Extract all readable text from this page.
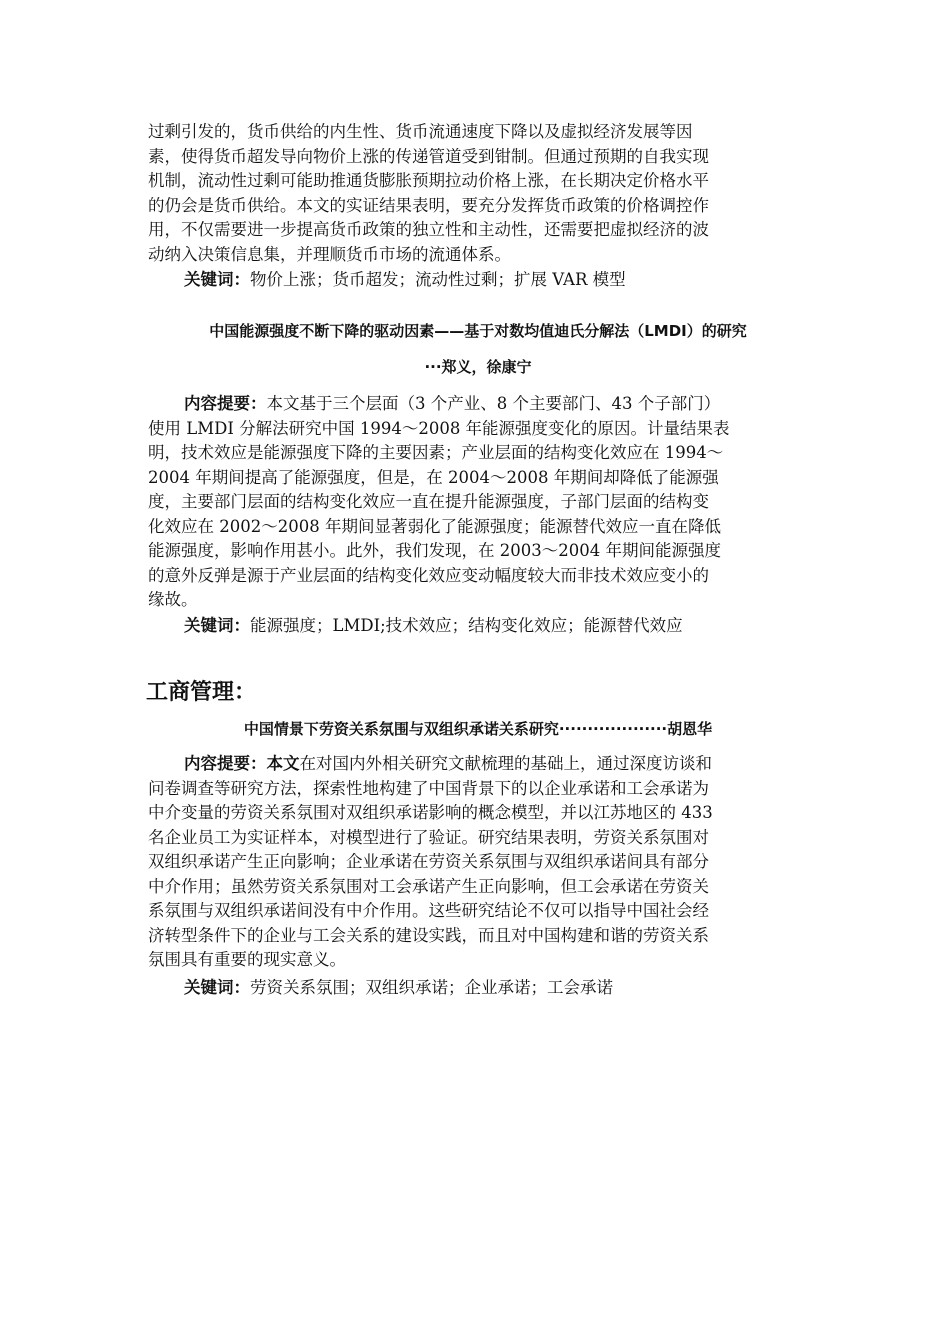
过剩引发的，货币供给的内生性、货币流通速度下降以及虚拟经济发展等因
素，使得货币超发导向物价上涨的传递管道受到钳制。但通过预期的自我实现
机制，流动性过剩可能助推通货膨胀预期拉动价格上涨，在长期决定价格水平
的仍会是货币供给。本文的实证结果表明，要充分发挥货币政策的价格调控作
用，不仅需要进一步提高货币政策的独立性和主动性，还需要把虚拟经济的波
动纳入决策信息集，并理顺货币市场的流通体系。
关键词：物价上涨；货币超发；流动性过剩；扩展 VAR 模型
中国能源强度不断下降的驱动因素——基于对数均值迪氏分解法（LMDI）的研究
···郑义，徐康宁
内容提要：本文基于三个层面（3 个产业、8 个主要部门、43 个子部门）
使用 LMDI 分解法研究中国 1994～2008 年能源强度变化的原因。计量结果表
明，技术效应是能源强度下降的主要因素；产业层面的结构变化效应在 1994～
2004 年期间提高了能源强度，但是，在 2004～2008 年期间却降低了能源强
度，主要部门层面的结构变化效应一直在提升能源强度，子部门层面的结构变
化效应在 2002～2008 年期间显著弱化了能源强度；能源替代效应一直在降低
能源强度，影响作用甚小。此外，我们发现，在 2003～2004 年期间能源强度
的意外反弹是源于产业层面的结构变化效应变动幅度较大而非技术效应变小的
缘故。
关键词：能源强度；LMDI;技术效应；结构变化效应；能源替代效应
工商管理：
中国情景下劳资关系氛围与双组织承诺关系研究···················胡恩华
内容提要：本文在对国内外相关研究文献梳理的基础上，通过深度访谈和
问卷调查等研究方法，探索性地构建了中国背景下的以企业承诺和工会承诺为
中介变量的劳资关系氛围对双组织承诺影响的概念模型，并以江苏地区的 433
名企业员工为实证样本，对模型进行了验证。研究结果表明，劳资关系氛围对
双组织承诺产生正向影响；企业承诺在劳资关系氛围与双组织承诺间具有部分
中介作用；虽然劳资关系氛围对工会承诺产生正向影响，但工会承诺在劳资关
系氛围与双组织承诺间没有中介作用。这些研究结论不仅可以指导中国社会经
济转型条件下的企业与工会关系的建设实践，而且对中国构建和谐的劳资关系
氛围具有重要的现实意义。
关键词：劳资关系氛围；双组织承诺；企业承诺；工会承诺
